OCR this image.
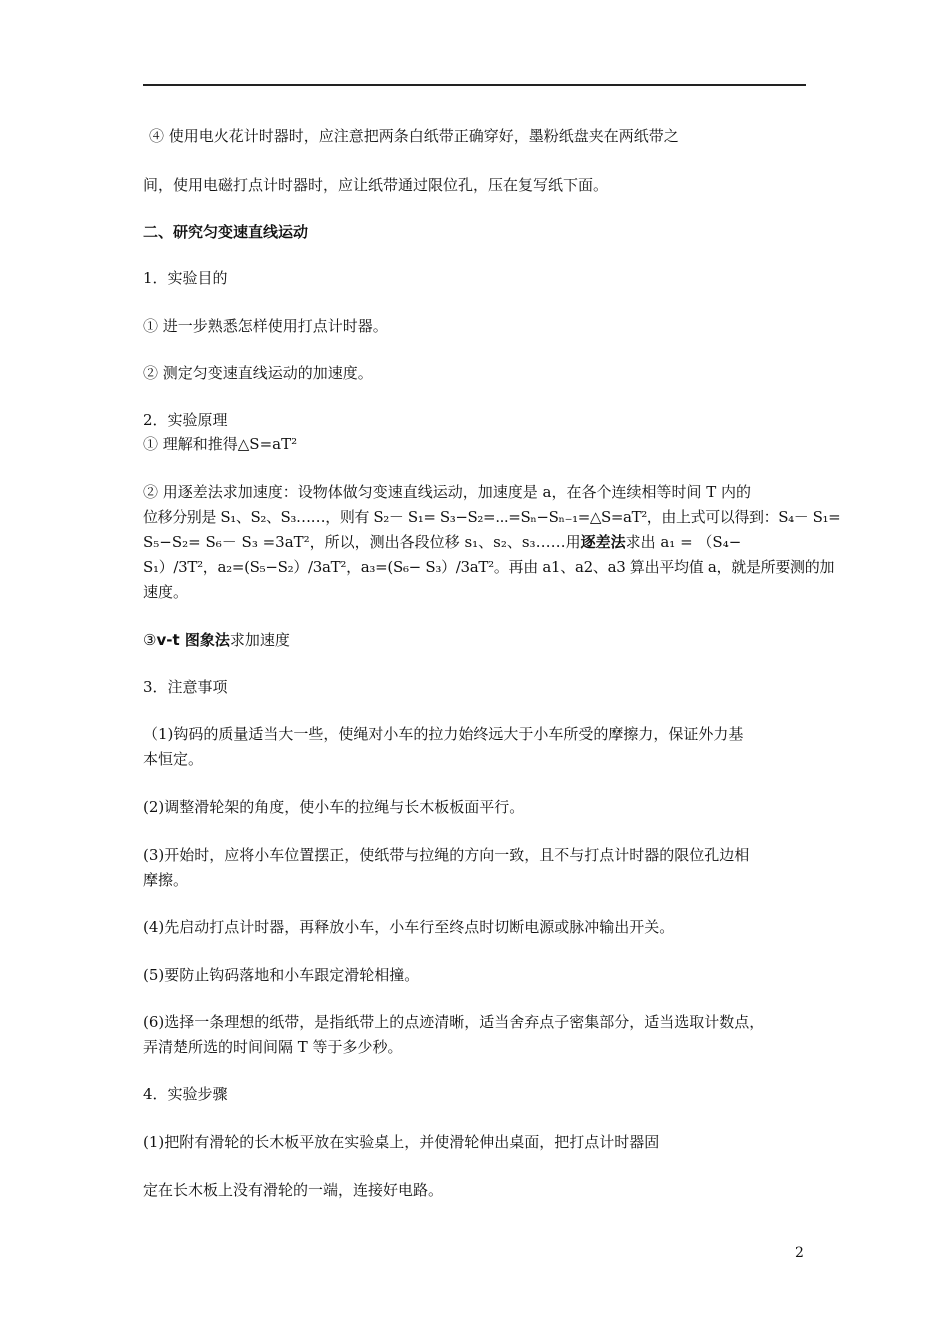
④ 使用电火花计时器时，应注意把两条白纸带正确穿好，墨粉纸盘夹在两纸带之
间，使用电磁打点计时器时，应让纸带通过限位孔，压在复写纸下面。
二、研究匀变速直线运动
1．实验目的
① 进一步熟悉怎样使用打点计时器。
② 测定匀变速直线运动的加速度。
2．实验原理
① 理解和推得△S=aT²
② 用逐差法求加速度：设物体做匀变速直线运动，加速度是 a，在各个连续相等时间 T 内的
位移分别是 S₁、S₂、S₃……，则有 S₂－ S₁= S₃−S₂=⋯=Sₙ−Sₙ₋₁=△S=aT²，由上式可以得到：S₄－ S₁=
S₅−S₂= S₆－ S₃ =3aT²，所以，测出各段位移 s₁、s₂、s₃……用逐差法求出 a₁ = （S₄−
S₁）/3T²，a₂=(S₅−S₂）/3aT²，a₃=(S₆− S₃）/3aT²。再由 a1、a2、a3 算出平均值 a，就是所要测的加
速度。
③v-t 图象法求加速度
3．注意事项
（1)钩码的质量适当大一些，使绳对小车的拉力始终远大于小车所受的摩擦力，保证外力基
本恒定。
(2)调整滑轮架的角度，使小车的拉绳与长木板板面平行。
(3)开始时，应将小车位置摆正，使纸带与拉绳的方向一致，且不与打点计时器的限位孔边相
摩擦。
(4)先启动打点计时器，再释放小车，小车行至终点时切断电源或脉冲输出开关。
(5)要防止钩码落地和小车跟定滑轮相撞。
(6)选择一条理想的纸带，是指纸带上的点迹清晰，适当舍弃点子密集部分，适当选取计数点，
弄清楚所选的时间间隔 T 等于多少秒。
4．实验步骤
(1)把附有滑轮的长木板平放在实验桌上，并使滑轮伸出桌面，把打点计时器固
定在长木板上没有滑轮的一端，连接好电路。
2
